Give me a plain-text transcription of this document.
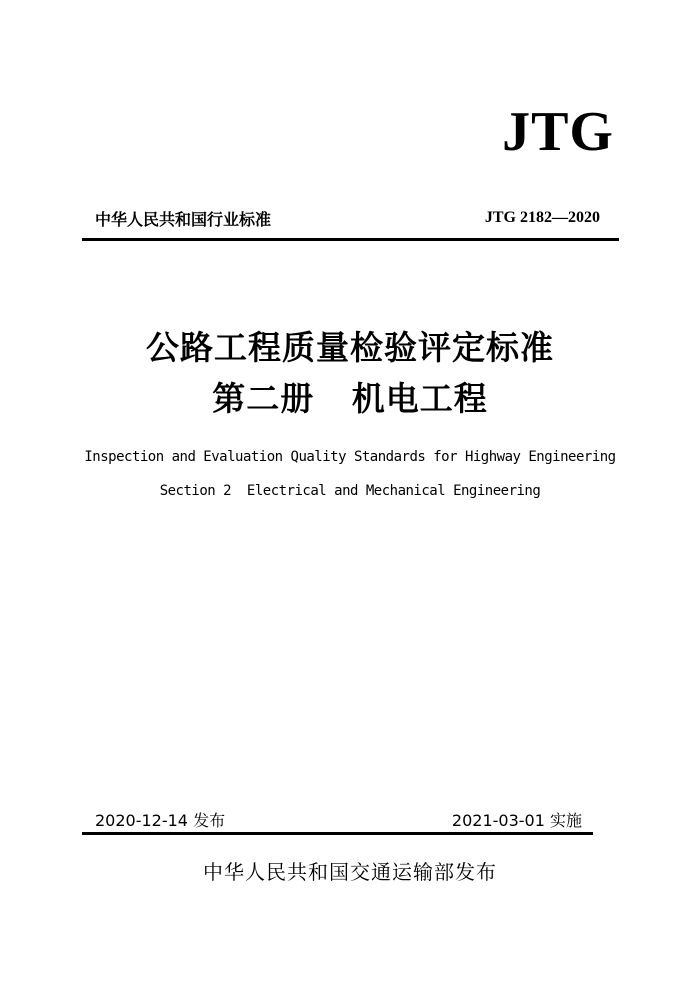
JTG
中华人民共和国行业标准	JTG 2182—2020
公路工程质量检验评定标准
第二册   机电工程
Inspection and Evaluation Quality Standards for Highway Engineering
Section 2  Electrical and Mechanical Engineering
2020-12-14 发布	2021-03-01 实施
中华人民共和国交通运输部发布
